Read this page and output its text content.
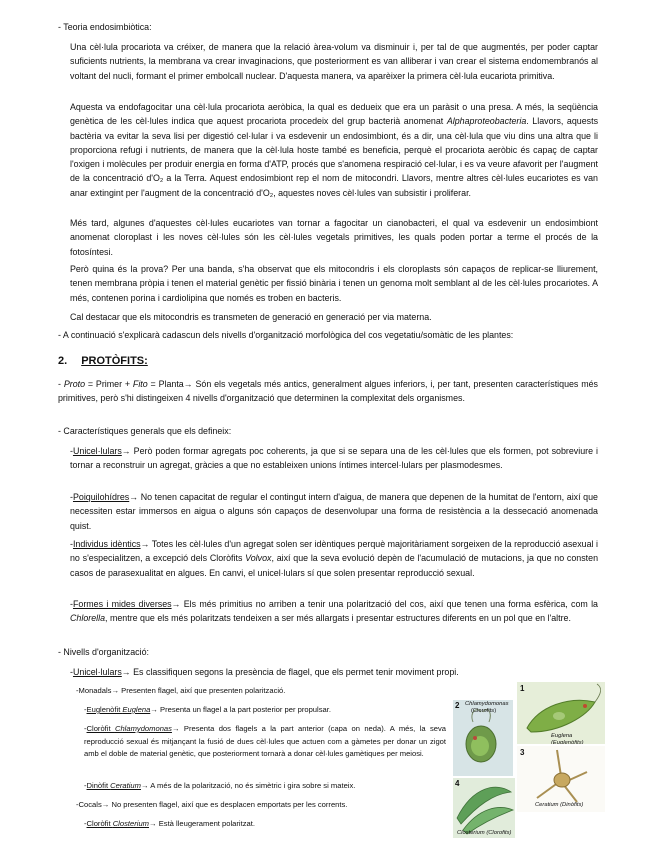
- Teoria endosimbiòtica:

Una cèl·lula procariota va créixer, de manera que la relació àrea-volum va disminuir i, per tal de que augmentés, per poder captar suficients nutrients, la membrana va crear invaginacions, que posteriorment es van alliberar i van crear el sistema endomembranós al voltant del nucli, formant el primer embolcall nuclear. D'aquesta manera, va aparèixer la primera cèl·lula eucariota primitiva.

Aquesta va endofagocitar una cèl·lula procariota aeròbica, la qual es dedueix que era un paràsit o una presa. A més, la seqüència genètica de les cèl·lules indica que aquest procariota procedeix del grup bacterià anomenat Alphaproteobacteria. Llavors, aquests bactèria va evitar la seva lisi per digestió cel·lular i va esdevenir un endosimbiont, és a dir, una cèl·lula que viu dins una altra que li proporciona refugi i nutrients, de manera que la cèl·lula hoste també es beneficia, perquè el procariota aeròbic és capaç de captar l'oxigen i molècules per produir energia en forma d'ATP, procés que s'anomena respiració cel·lular, i es va veure afavorit per l'augment de la concentració d'O₂ a la Terra. Aquest endosimbiont rep el nom de mitocondri. Llavors, mentre altres cèl·lules eucariotes es van anar extingint per l'augment de la concentració d'O₂, aquestes noves cèl·lules van subsistir i proliferar.

Més tard, algunes d'aquestes cèl·lules eucariotes van tornar a fagocitar un cianobacteri, el qual va esdevenir un endosimbiont anomenat cloroplast i les noves cèl·lules són les cèl·lules vegetals primitives, les quals poden portar a terme el procés de la fotosíntesi.

Però quina és la prova? Per una banda, s'ha observat que els mitocondris i els cloroplasts són capaços de replicar-se lliurement, tenen membrana pròpia i tenen el material genètic per fissió binària i tenen un genoma molt semblant al de les cèl·lules procariotes. A més, contenen porina i cardiolipina que només es troben en bacteris.

Cal destacar que els mitocondris es transmeten de generació en generació per via materna.

- A continuació s'explicarà cadascun dels nivells d'organització morfològica del cos vegetatiu/somàtic de les plantes:

2. PROTÒFITS:

- Proto = Primer + Fito = Planta→ Són els vegetals més antics, generalment algues inferiors, i, per tant, presenten característiques més primitives, però s'hi distingeixen 4 nivells d'organització que determinen la complexitat dels organismes.

- Característiques generals que els defineix:

-Unicel·lulars→ Però poden formar agregats poc coherents, ja que si se separa una de les cèl·lules que els formen, pot sobreviure i tornar a reconstruir un agregat, gràcies a que no estableixen unions íntimes intercel·lulars per plasmodesmes.

-Poiquilohídres→ No tenen capacitat de regular el contingut intern d'aigua, de manera que depenen de la humitat de l'entorn, així que necessiten estar immersos en aigua o alguns són capaços de desenvolupar una forma de resistència a la dessecació anomenada quist.

-Individus idèntics→ Totes les cèl·lules d'un agregat solen ser idèntiques perquè majoritàriament sorgeixen de la reproducció asexual i no s'especialitzen, a excepció dels Cloròfits Volvox, així que la seva evolució depèn de l'acumulació de mutacions, ja que no consten casos de parasexualitat en algues. En canvi, el unicel·lulars sí que solen presentar reproducció sexual.

-Formes i mides diverses→ Els més primitius no arriben a tenir una polarització del cos, així que tenen una forma esfèrica, com la Chlorella, mentre que els més polaritzats tendeixen a ser més allargats i presentar estructures diferents en un pol que en l'altre.

- Nivells d'organització:

-Unicel·lulars→ Es classifiquen segons la presència de flagel, que els permet tenir moviment propi.

-Monadals→ Presenten flagel, així que presenten polarització.

-Euglenòfit Euglena→ Presenta un flagel a la part posterior per propulsar.

-Cloròfit Chlamydomonas→ Presenta dos flagels a la part anterior (capa on neda). A més, la seva reproducció sexual és mitjançant la fusió de dues cèl·lules que actuen com a gàmetes per donar un zigot amb el doble de material genètic, que posteriorment tornarà a donar cèl·lules gamètiques per meiosi.

-Dinòfit Ceratium→ A més de la polarització, no és simètric i gira sobre si mateix.

-Cocals→ No presenten flagel, així que es desplacen emportats per les corrents.

-Cloròfit Closterium→ Està lleugerament polaritzat.

2 Chlamydomonas
(Clorofits)
1
Euglena (Euglenòfits)
3
Ceratium (Dinòfits)
4
Closterium (Clorofits)
